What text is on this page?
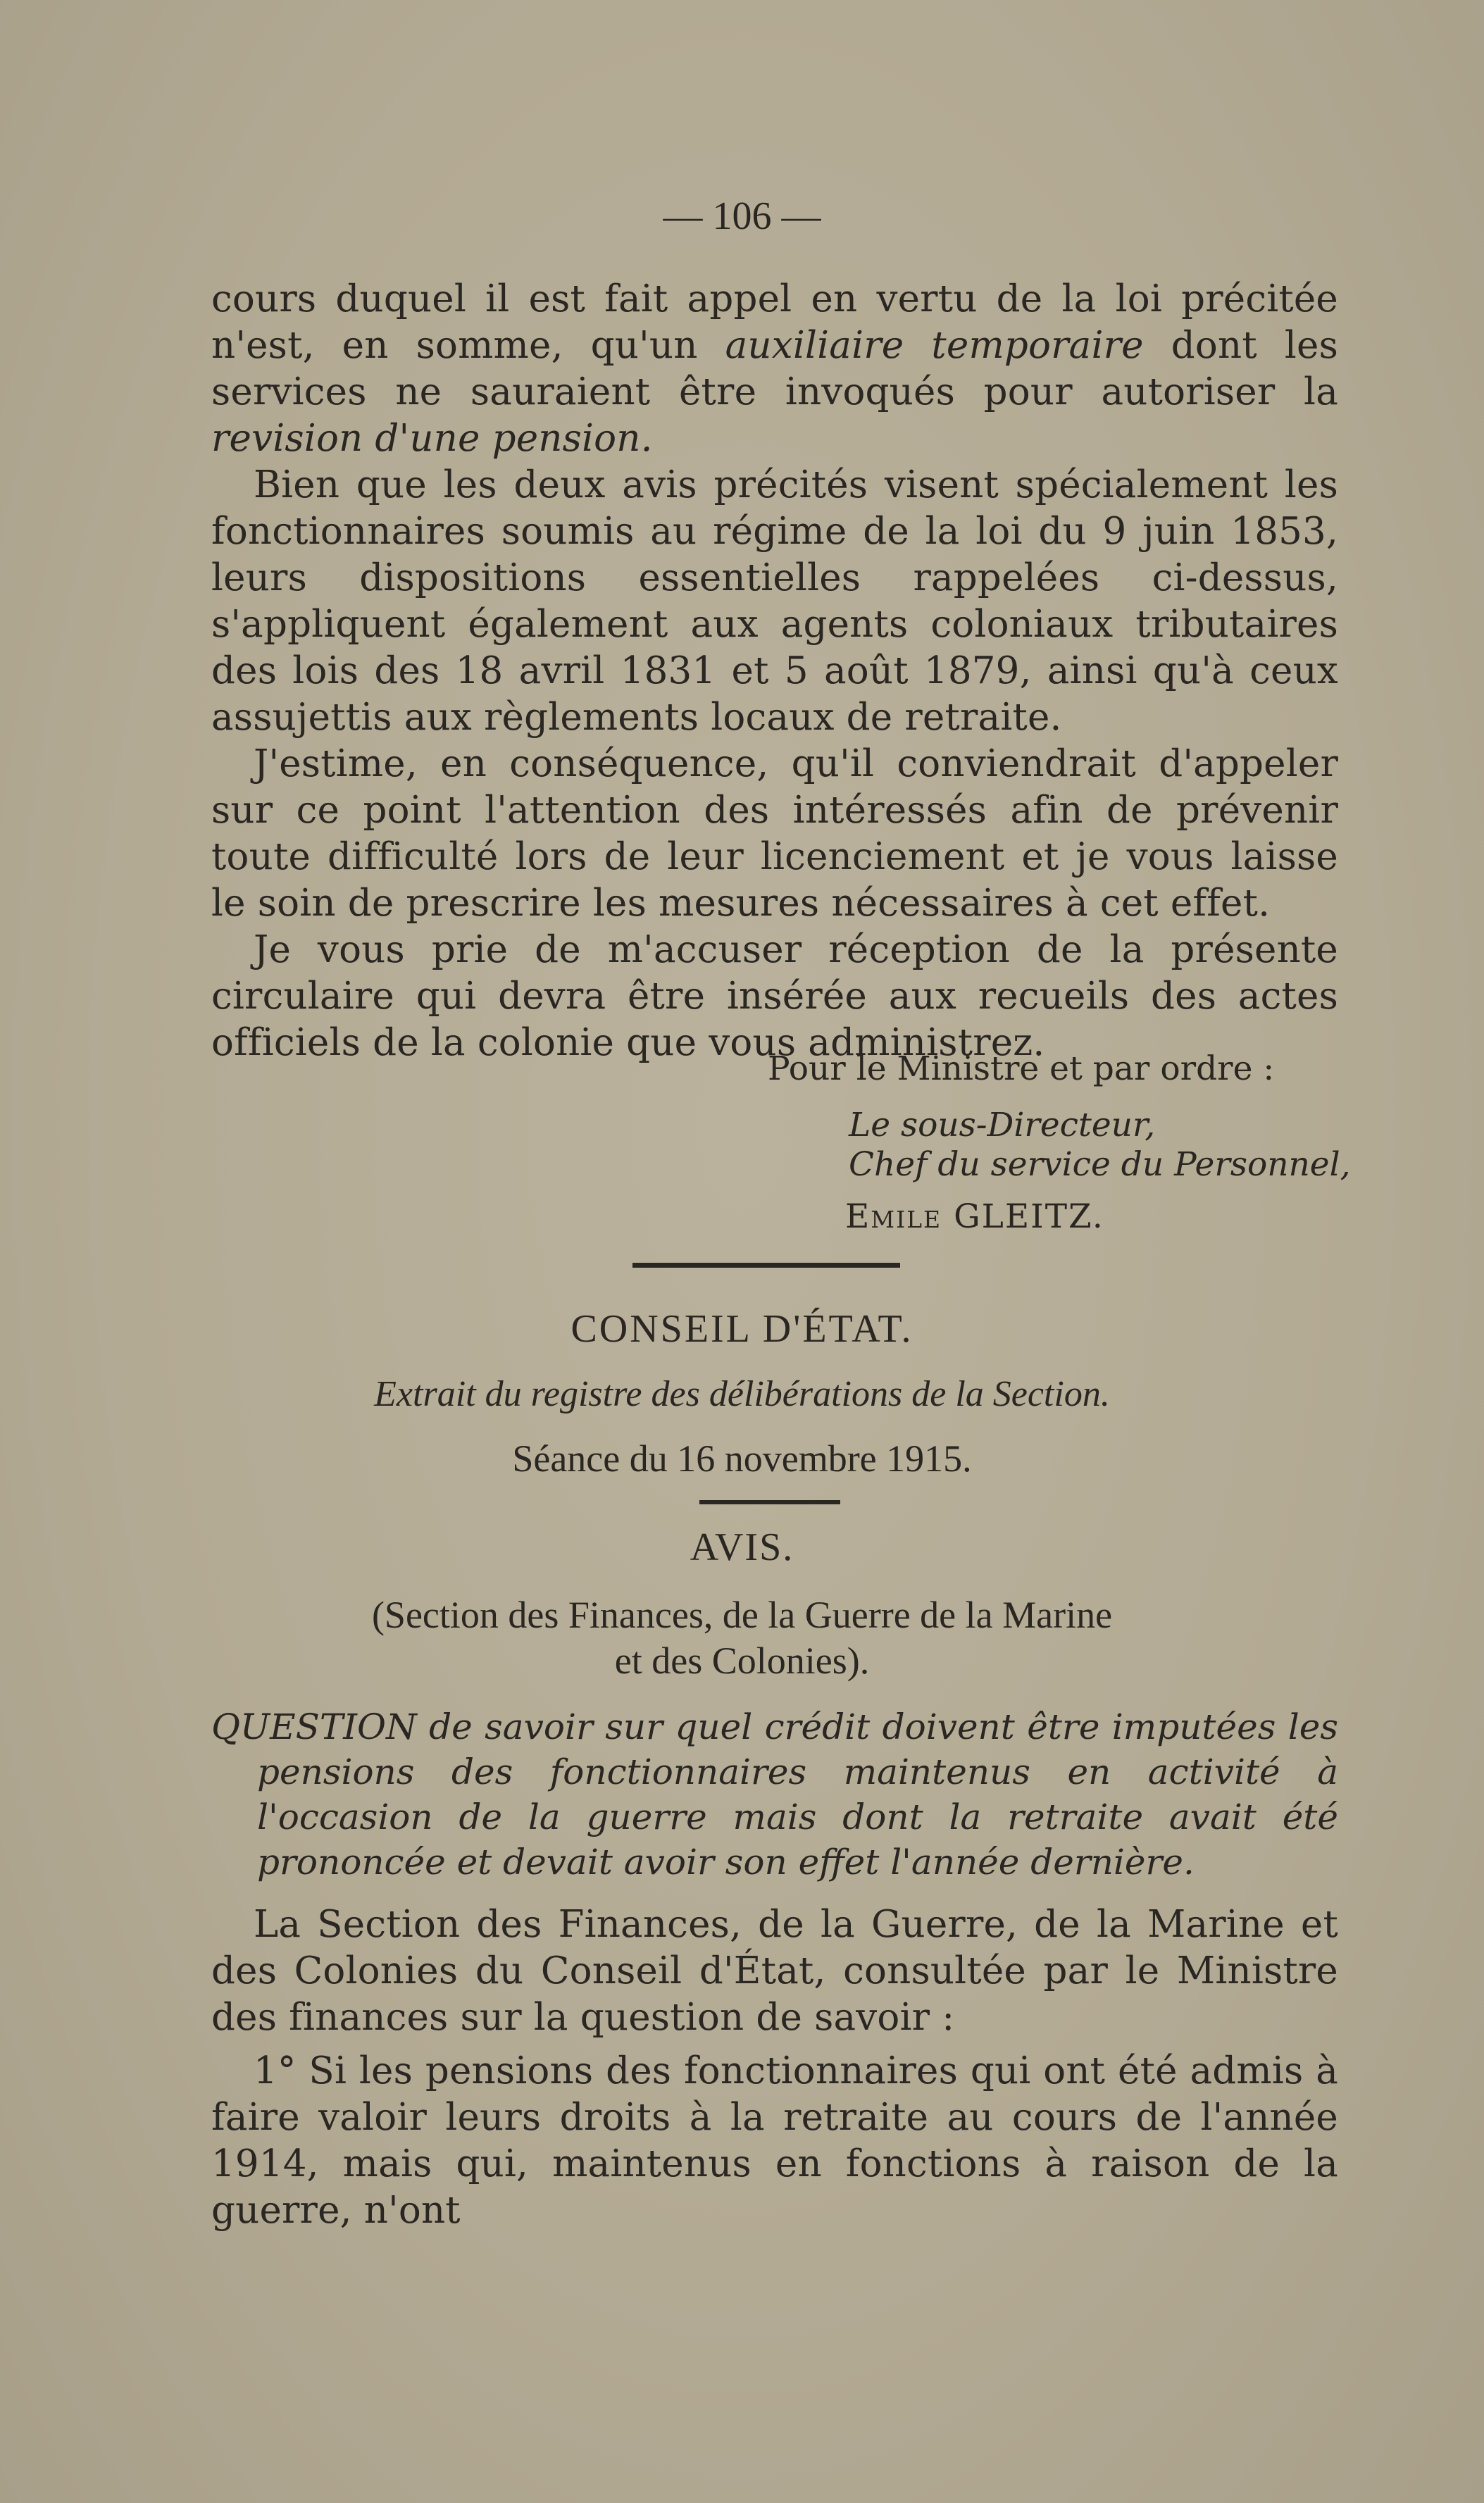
— 106 —

cours duquel il est fait appel en vertu de la loi précitée n'est, en somme, qu'un auxiliaire temporaire dont les services ne sauraient être invoqués pour autoriser la revision d'une pension.

Bien que les deux avis précités visent spécialement les fonctionnaires soumis au régime de la loi du 9 juin 1853, leurs dispositions essentielles rappelées ci-dessus, s'appliquent également aux agents coloniaux tributaires des lois des 18 avril 1831 et 5 août 1879, ainsi qu'à ceux assujettis aux règlements locaux de retraite.

J'estime, en conséquence, qu'il conviendrait d'appeler sur ce point l'attention des intéressés afin de prévenir toute difficulté lors de leur licenciement et je vous laisse le soin de prescrire les mesures nécessaires à cet effet.

Je vous prie de m'accuser réception de la présente circulaire qui devra être insérée aux recueils des actes officiels de la colonie que vous administrez.

Pour le Ministre et par ordre :
Le sous-Directeur,
Chef du service du Personnel,
Emile GLEITZ.
CONSEIL D'ÉTAT.
Extrait du registre des délibérations de la Section.
Séance du 16 novembre 1915.
AVIS.
(Section des Finances, de la Guerre de la Marine
et des Colonies).
QUESTION de savoir sur quel crédit doivent être imputées les pensions des fonctionnaires maintenus en activité à l'occasion de la guerre mais dont la retraite avait été prononcée et devait avoir son effet l'année dernière.

La Section des Finances, de la Guerre, de la Marine et des Colonies du Conseil d'État, consultée par le Ministre des finances sur la question de savoir :

1° Si les pensions des fonctionnaires qui ont été admis à faire valoir leurs droits à la retraite au cours de l'année 1914, mais qui, maintenus en fonctions à raison de la guerre, n'ont
